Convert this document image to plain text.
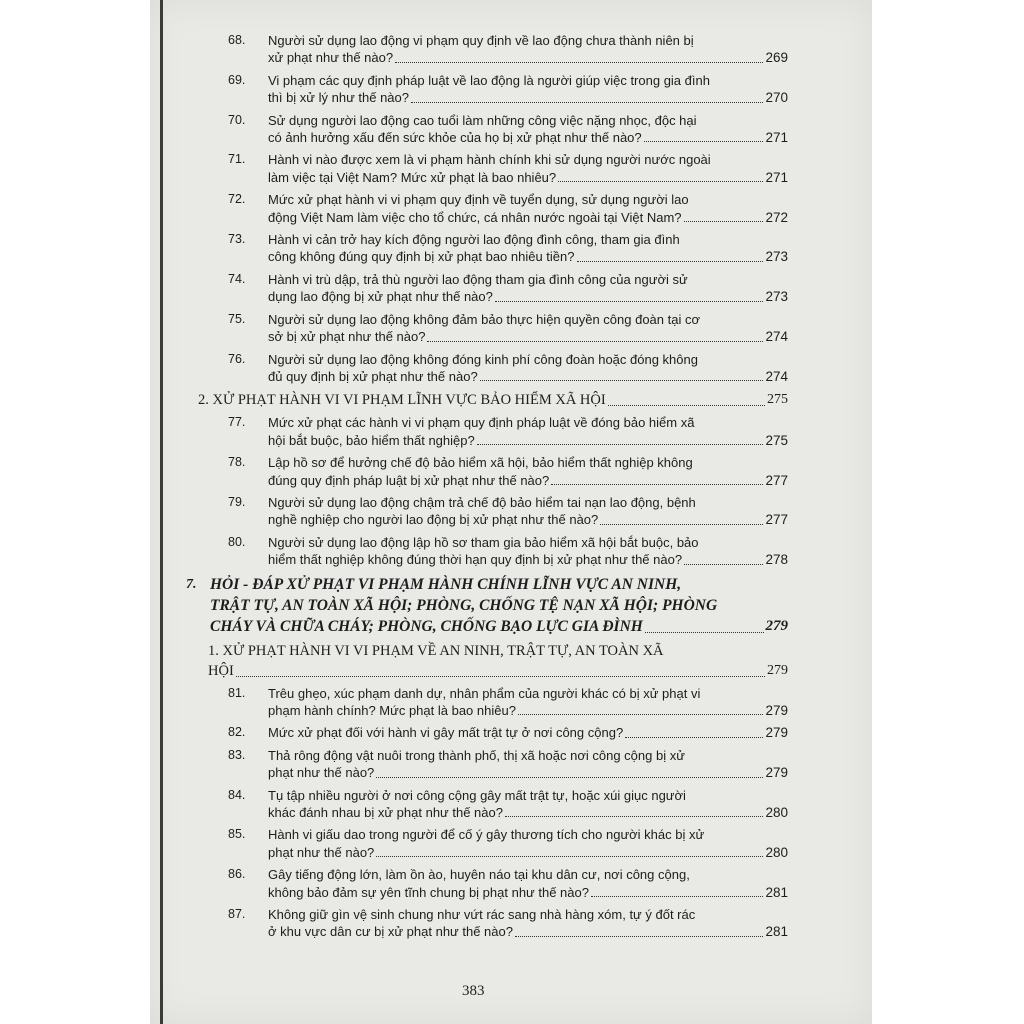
68.	Người sử dụng lao động vi phạm quy định về lao động chưa thành niên bị
xử phạt như thế nào?	269
69.	Vi phạm các quy định pháp luật về lao động là người giúp việc trong gia đình
thì bị xử lý như thế nào?	270
70.	Sử dụng người lao động cao tuổi làm những công việc nặng nhọc, độc hại
có ảnh hưởng xấu đến sức khỏe của họ bị xử phạt như thế nào?	271
71.	Hành vi nào được xem là vi phạm hành chính khi sử dụng người nước ngoài
làm việc tại Việt Nam? Mức xử phạt là bao nhiêu?	271
72.	Mức xử phạt hành vi vi phạm quy định về tuyển dụng, sử dụng người lao
động Việt Nam làm việc cho tổ chức, cá nhân nước ngoài tại Việt Nam?	272
73.	Hành vi cản trở hay kích động người lao động đình công, tham gia đình
công không đúng quy định bị xử phạt bao nhiêu tiền?	273
74.	Hành vi trù dập, trả thù người lao động tham gia đình công của người sử
dụng lao động bị xử phạt như thế nào?	273
75.	Người sử dụng lao động không đảm bảo thực hiện quyền công đoàn tại cơ
sở bị xử phạt như thế nào?	274
76.	Người sử dụng lao động không đóng kinh phí công đoàn hoặc đóng không
đủ quy định bị xử phạt như thế nào?	274
2. XỬ PHẠT HÀNH VI VI PHẠM LĨNH VỰC BẢO HIỂM XÃ HỘI	275
77.	Mức xử phạt các hành vi vi phạm quy định pháp luật về đóng bảo hiểm xã
hội bắt buộc, bảo hiểm thất nghiệp?	275
78.	Lập hồ sơ để hưởng chế độ bảo hiểm xã hội, bảo hiểm thất nghiệp không
đúng quy định pháp luật bị xử phạt như thế nào?	277
79.	Người sử dụng lao động chậm trả chế độ bảo hiểm tai nạn lao động, bệnh
nghề nghiệp cho người lao động bị xử phạt như thế nào?	277
80.	Người sử dụng lao động lập hồ sơ tham gia bảo hiểm xã hội bắt buộc, bảo
hiểm thất nghiệp không đúng thời hạn quy định bị xử phạt như thế nào?	278
7. HỎI - ĐÁP XỬ PHẠT VI PHẠM HÀNH CHÍNH LĨNH VỰC AN NINH,
TRẬT TỰ, AN TOÀN XÃ HỘI; PHÒNG, CHỐNG TỆ NẠN XÃ HỘI; PHÒNG
CHÁY VÀ CHỮA CHÁY; PHÒNG, CHỐNG BẠO LỰC GIA ĐÌNH	279
1. XỬ PHẠT HÀNH VI VI PHẠM VỀ AN NINH, TRẬT TỰ, AN TOÀN XÃ
HỘI	279
81.	Trêu ghẹo, xúc phạm danh dự, nhân phẩm của người khác có bị xử phạt vi
phạm hành chính? Mức phạt là bao nhiêu?	279
82.	Mức xử phạt đối với hành vi gây mất trật tự ở nơi công cộng?	279
83.	Thả rông động vật nuôi trong thành phố, thị xã hoặc nơi công cộng bị xử
phạt như thế nào?	279
84.	Tụ tập nhiều người ở nơi công cộng gây mất trật tự, hoặc xúi giục người
khác đánh nhau bị xử phạt như thế nào?	280
85.	Hành vi giấu dao trong người để cố ý gây thương tích cho người khác bị xử
phạt như thế nào?	280
86.	Gây tiếng động lớn, làm ồn ào, huyên náo tại khu dân cư, nơi công cộng,
không bảo đảm sự yên tĩnh chung bị phạt như thế nào?	281
87.	Không giữ gìn vệ sinh chung như vứt rác sang nhà hàng xóm, tự ý đốt rác
ở khu vực dân cư bị xử phạt như thế nào?	281
383
